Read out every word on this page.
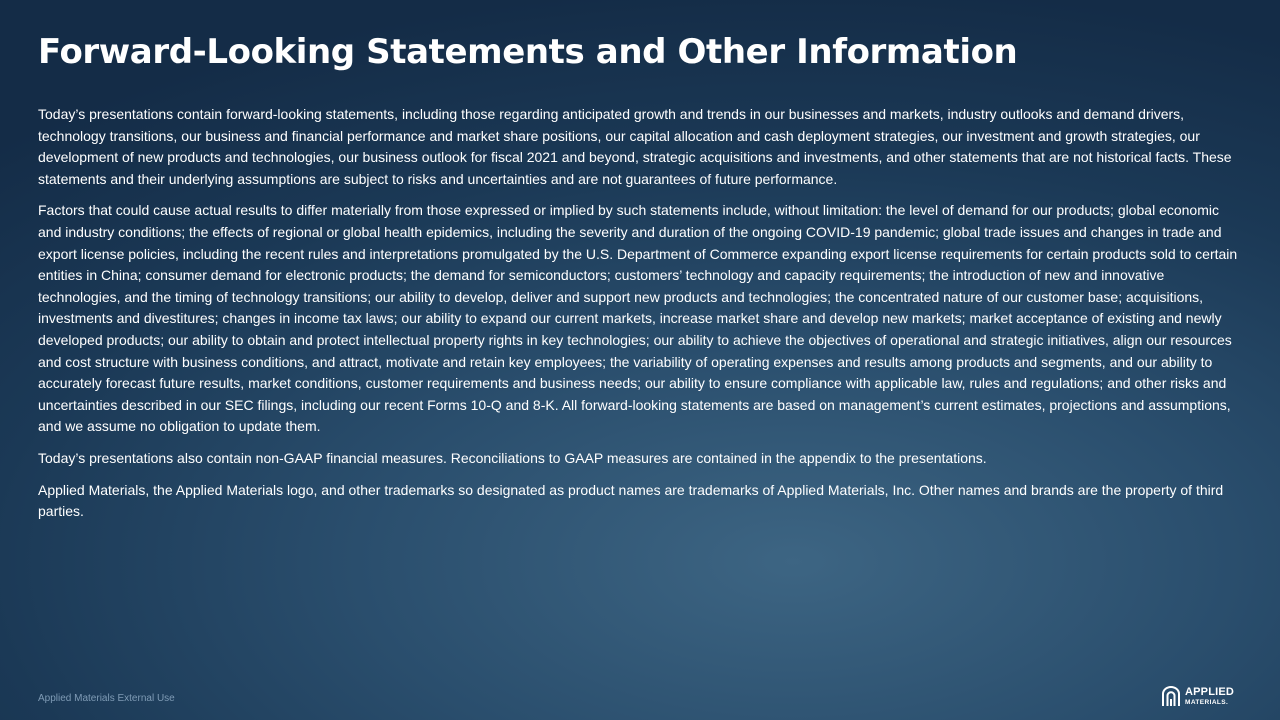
Forward-Looking Statements and Other Information

Today’s presentations contain forward-looking statements, including those regarding anticipated growth and trends in our businesses and markets, industry outlooks and demand drivers, technology transitions, our business and financial performance and market share positions, our capital allocation and cash deployment strategies, our investment and growth strategies, our development of new products and technologies, our business outlook for fiscal 2021 and beyond, strategic acquisitions and investments, and other statements that are not historical facts. These statements and their underlying assumptions are subject to risks and uncertainties and are not guarantees of future performance.

Factors that could cause actual results to differ materially from those expressed or implied by such statements include, without limitation: the level of demand for our products; global economic and industry conditions; the effects of regional or global health epidemics, including the severity and duration of the ongoing COVID-19 pandemic; global trade issues and changes in trade and export license policies, including the recent rules and interpretations promulgated by the U.S. Department of Commerce expanding export license requirements for certain products sold to certain entities in China; consumer demand for electronic products; the demand for semiconductors; customers’ technology and capacity requirements; the introduction of new and innovative technologies, and the timing of technology transitions; our ability to develop, deliver and support new products and technologies; the concentrated nature of our customer base; acquisitions, investments and divestitures; changes in income tax laws; our ability to expand our current markets, increase market share and develop new markets; market acceptance of existing and newly developed products; our ability to obtain and protect intellectual property rights in key technologies; our ability to achieve the objectives of operational and strategic initiatives, align our resources and cost structure with business conditions, and attract, motivate and retain key employees; the variability of operating expenses and results among products and segments, and our ability to accurately forecast future results, market conditions, customer requirements and business needs; our ability to ensure compliance with applicable law, rules and regulations; and other risks and uncertainties described in our SEC filings, including our recent Forms 10-Q and 8-K. All forward-looking statements are based on management’s current estimates, projections and assumptions, and we assume no obligation to update them.

Today’s presentations also contain non-GAAP financial measures. Reconciliations to GAAP measures are contained in the appendix to the presentations.

Applied Materials, the Applied Materials logo, and other trademarks so designated as product names are trademarks of Applied Materials, Inc. Other names and brands are the property of third parties.

Applied Materials External Use
APPLIED
MATERIALS.
